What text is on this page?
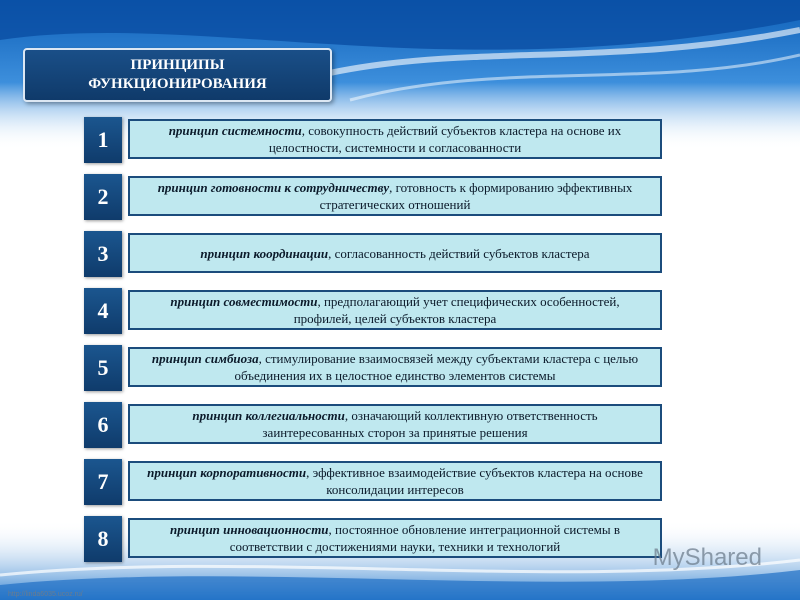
ПРИНЦИПЫ
ФУНКЦИОНИРОВАНИЯ
1	принцип системности, совокупность действий субъектов кластера на основе их целостности, системности и согласованности
2	принцип готовности к сотрудничеству, готовность к формированию эффективных стратегических отношений
3	принцип координации, согласованность действий субъектов кластера
4	принцип совместимости, предполагающий учет специфических особенностей, профилей, целей субъектов кластера
5	принцип симбиоза, стимулирование взаимосвязей между субъектами кластера с целью объединения их в целостное единство элементов системы
6	принцип коллегиальности, означающий коллективную ответственность заинтересованных сторон за принятые решения
7	принцип корпоративности, эффективное взаимодействие субъектов кластера на основе консолидации интересов
8	принцип инновационности, постоянное обновление интеграционной системы в соответствии с достижениями науки, техники и технологий	MyShared
http://linda6035.ucoz.ru/
